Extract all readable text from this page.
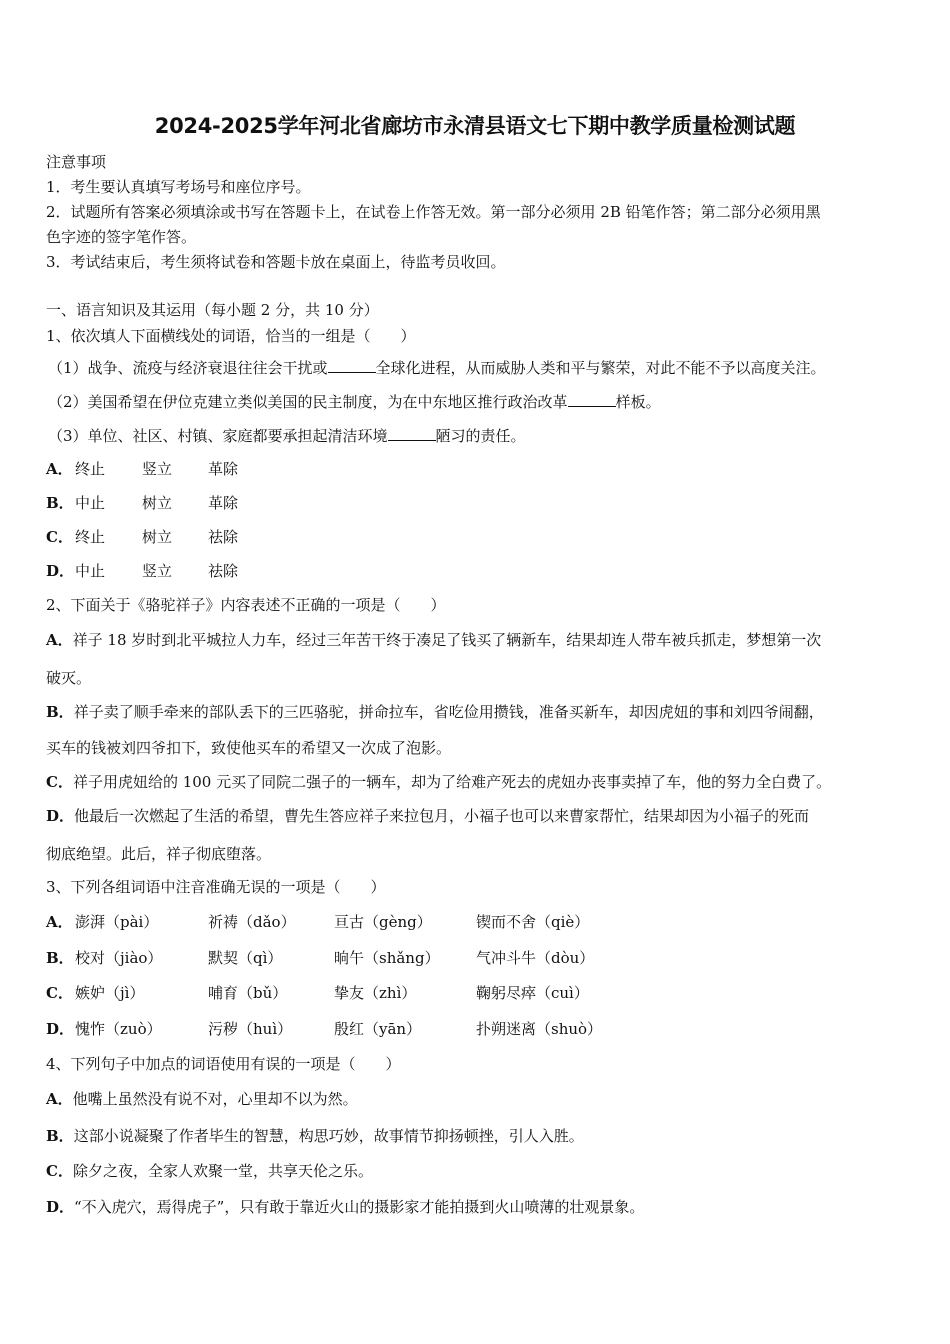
2024-2025学年河北省廊坊市永清县语文七下期中教学质量检测试题
注意事项
1．考生要认真填写考场号和座位序号。
2．试题所有答案必须填涂或书写在答题卡上，在试卷上作答无效。第一部分必须用 2B 铅笔作答；第二部分必须用黑
色字迹的签字笔作答。
3．考试结束后，考生须将试卷和答题卡放在桌面上，待监考员收回。
一、语言知识及其运用（每小题 2 分，共 10 分）
1、依次填人下面横线处的词语，恰当的一组是（　　）
（1）战争、流疫与经济衰退往往会干扰或	全球化进程，从而威胁人类和平与繁荣，对此不能不予以高度关注。
（2）美国希望在伊位克建立类似美国的民主制度，为在中东地区推行政治改革	样板。
（3）单位、社区、村镇、家庭都要承担起清洁环境	陋习的责任。
A． 终止 竖立 革除
B． 中止 树立 革除
C． 终止 树立 祛除
D． 中止 竖立 祛除
2、下面关于《骆驼祥子》内容表述不正确的一项是（　　）
A．祥子 18 岁时到北平城拉人力车，经过三年苦干终于凑足了钱买了辆新车，结果却连人带车被兵抓走，梦想第一次
破灭。
B．祥子卖了顺手牵来的部队丢下的三匹骆驼，拼命拉车，省吃俭用攒钱，准备买新车，却因虎妞的事和刘四爷闹翻，
买车的钱被刘四爷扣下，致使他买车的希望又一次成了泡影。
C．祥子用虎妞给的 100 元买了同院二强子的一辆车，却为了给难产死去的虎妞办丧事卖掉了车，他的努力全白费了。
D．他最后一次燃起了生活的希望，曹先生答应祥子来拉包月，小福子也可以来曹家帮忙，结果却因为小福子的死而
彻底绝望。此后，祥子彻底堕落。
3、下列各组词语中注音准确无误的一项是（　　）
A． 澎湃（pài）	祈祷（dǎo）	亘古（gèng）	锲而不舍（qiè）
B． 校对（jiào）	默契（qì）	晌午（shǎng） 气冲斗牛（dòu）
C． 嫉妒（jì）	哺育（bǔ）	挚友（zhì）	鞠躬尽瘁（cuì）
D． 愧怍（zuò）	污秽（huì）	殷红（yān）	扑朔迷离（shuò）
4、下列句子中加点的词语使用有误的一项是（　　）
A．他嘴上虽然没有说不对，心里却不以为然。
B．这部小说凝聚了作者毕生的智慧，构思巧妙，故事情节抑扬顿挫，引人入胜。
C．除夕之夜，全家人欢聚一堂，共享天伦之乐。
D．“不入虎穴，焉得虎子”，只有敢于靠近火山的摄影家才能拍摄到火山喷薄的壮观景象。
